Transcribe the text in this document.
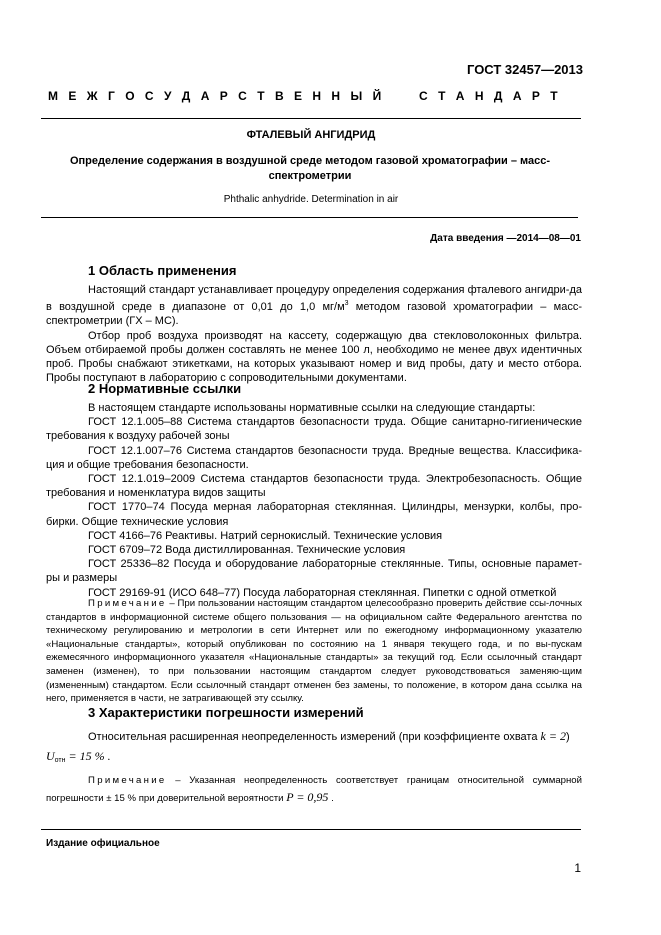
ГОСТ 32457—2013
М Е Ж Г О С У Д А Р С Т В Е Н Н Ы Й

	С Т А Н Д А Р Т
ФТАЛЕВЫЙ АНГИДРИД
Определение содержания в воздушной среде методом газовой хроматографии – масс-спектрометрии
Phthalic anhydride. Determination in air
Дата введения —2014—08—01
1 Область применения

Настоящий стандарт устанавливает процедуру определения содержания фталевого ангидри-да в воздушной среде в диапазоне от 0,01 до 1,0 $мг/м^3$ методом газовой хроматографии – масс-спектрометрии (ГХ – МС).

Отбор проб воздуха производят на кассету, содержащую два стекловолоконных фильтра. Объем отбираемой пробы должен составлять не менее 100 л, необходимо не менее двух идентичных проб. Пробы снабжают этикетками, на которых указывают номер и вид пробы, дату и место отбора. Пробы поступают в лабораторию с сопроводительными документами.

2 Нормативные ссылки

В настоящем стандарте использованы нормативные ссылки на следующие стандарты:

ГОСТ 12.1.005–88 Система стандартов безопасности труда. Общие санитарно-гигиенические требования к воздуху рабочей зоны

ГОСТ 12.1.007–76 Система стандартов безопасности труда. Вредные вещества. Классифика-ция и общие требования безопасности.

ГОСТ 12.1.019–2009 Система стандартов безопасности труда. Электробезопасность. Общие требования и номенклатура видов защиты

ГОСТ 1770–74 Посуда мерная лабораторная стеклянная. Цилиндры, мензурки, колбы, про-бирки. Общие технические условия

ГОСТ 4166–76 Реактивы. Натрий сернокислый. Технические условия

ГОСТ 6709–72 Вода дистиллированная. Технические условия

ГОСТ 25336–82 Посуда и оборудование лабораторные стеклянные. Типы, основные парамет-ры и размеры

ГОСТ 29169-91 (ИСО 648–77) Посуда лабораторная стеклянная. Пипетки с одной отметкой

Примечание – При пользовании настоящим стандартом целесообразно проверить действие ссы-лочных стандартов в информационной системе общего пользования — на официальном сайте Федерального агентства по техническому регулированию и метрологии в сети Интернет или по ежегодному информационному указателю «Национальные стандарты», который опубликован по состоянию на 1 января текущего года, и по вы-пускам ежемесячного информационного указателя «Национальные стандарты» за текущий год. Если ссылочный стандарт заменен (изменен), то при пользовании настоящим стандартом следует руководствоваться заменяю-щим (измененным) стандартом. Если ссылочный стандарт отменен без замены, то положение, в котором дана ссылка на него, применяется в части, не затрагивающей эту ссылку.

3 Характеристики погрешности измерений

Относительная расширенная неопределенность измерений (при коэффициенте охвата k = 2)

$U_{отн} = 15$ % .

Примечание – Указанная неопределенность соответствует границам относительной суммарной погрешности ± 15 % при доверительной вероятности P = 0,95 .

Издание официальное
1
